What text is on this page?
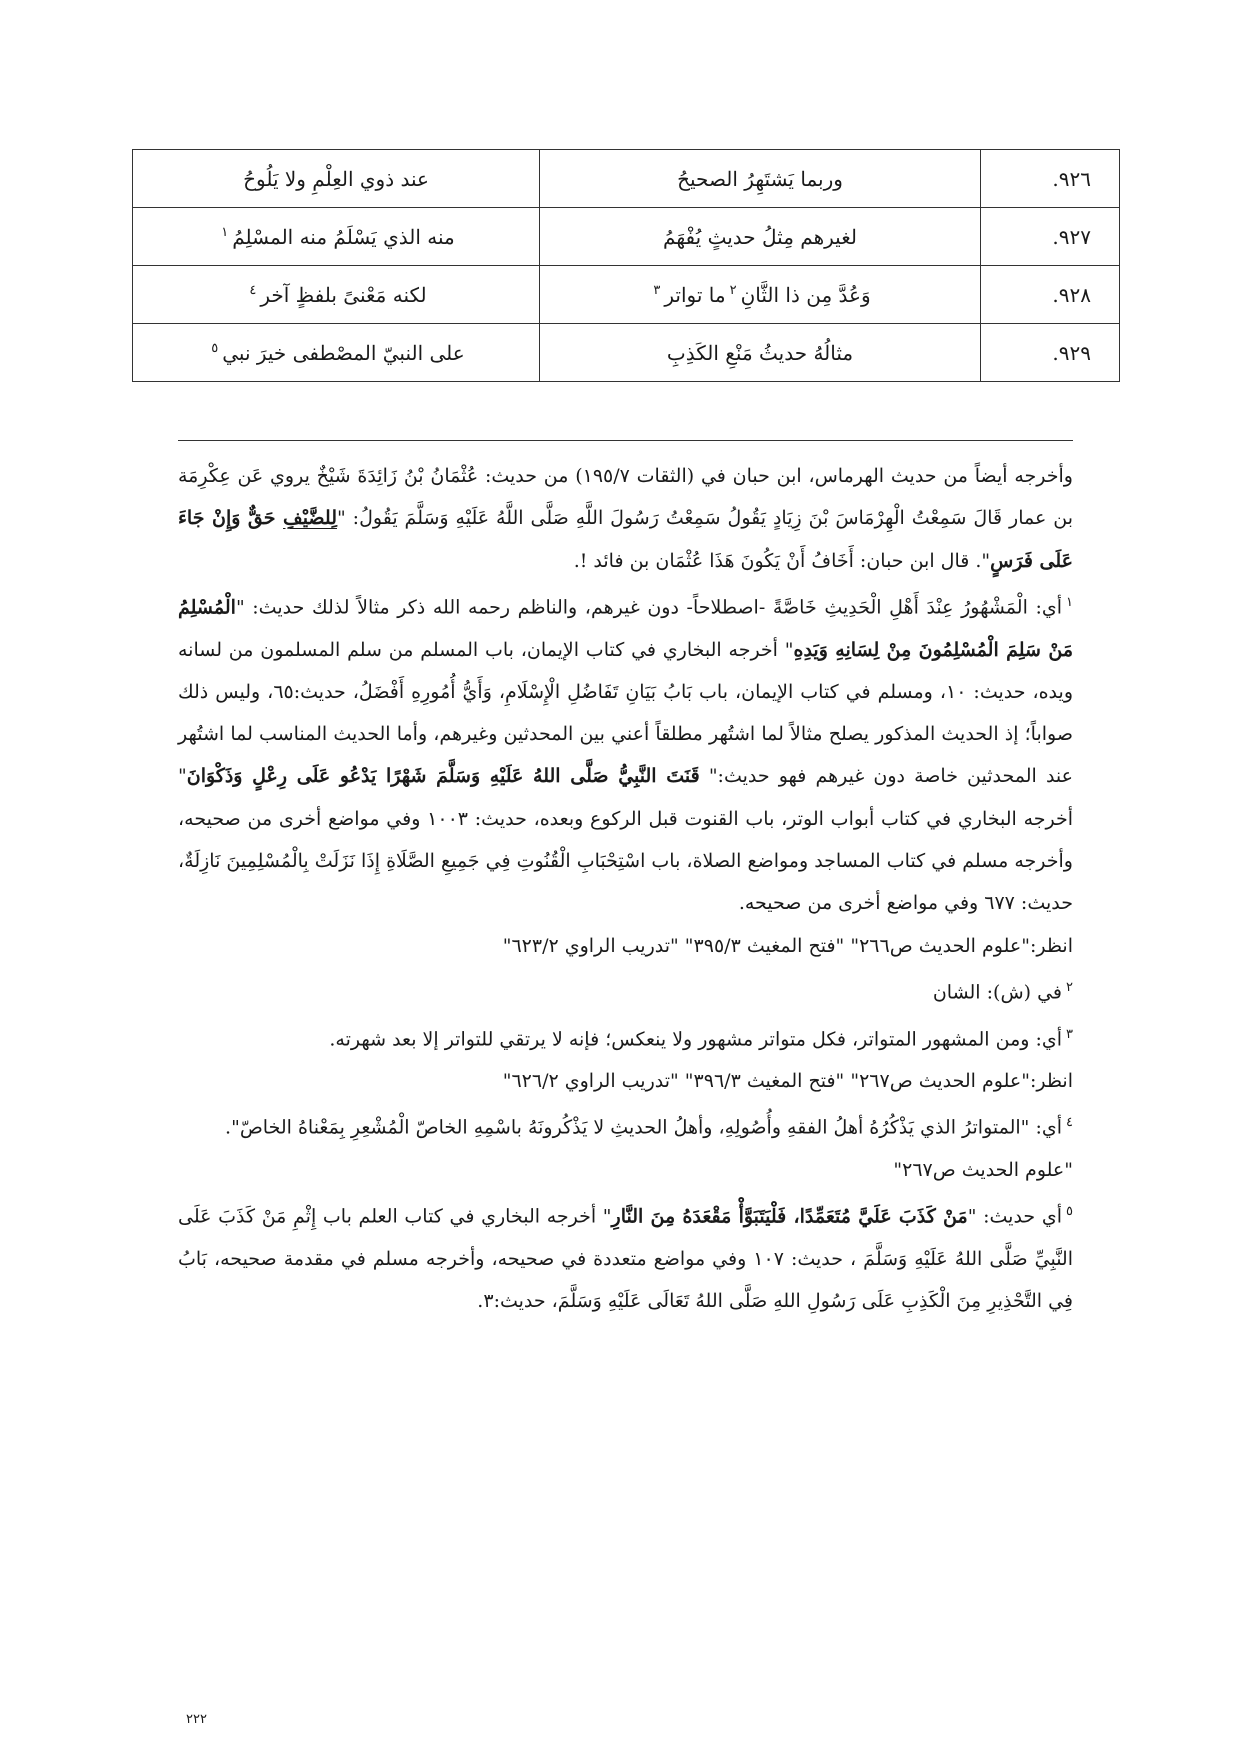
٩٢٦.	وربما يَشتَهِرُ الصحيحُ	عند ذوي العِلْمِ ولا يَلُوحُ
٩٢٧.	لغيرهم مِثلُ حديثٍ يُفْهَمُ	منه الذي يَسْلَمُ منه المسْلِمُ$^١$
٩٢٨.	وَعُدَّ مِن ذا الثَّانِ$^٢$ما تواتر$^٣$	لكنه مَعْنىً بلفظٍ آخر$^٤$
٩٢٩.	مثالُهُ حديثُ مَنْعِ الكَذِبِ	على النبيّ المصْطفى خيرَ نبي$^٥$

وأخرجه أيضاً من حديث الهرماس، ابن حبان في (الثقات ١٩٥/٧) من حديث: عُثْمَانُ بْنُ زَائِدَةَ شَيْخٌ يروي عَن عِكْرِمَة بن عمار قَالَ سَمِعْتُ الْهِرْمَاسَ بْنَ زِيَادٍ يَقُولُ سَمِعْتُ رَسُولَ اللَّهِ صَلَّى اللَّهُ عَلَيْهِ وَسَلَّمَ يَقُولُ: "لِلضَّيْفِ حَقٌّ وَإِنْ جَاءَ عَلَى فَرَسٍ". قال ابن حبان: أَخَافُ أَنْ يَكُونَ هَذَا عُثْمَان بن فائد !.

$^١$أي: الْمَشْهُورُ عِنْدَ أَهْلِ الْحَدِيثِ خَاصَّةً -اصطلاحاً- دون غيرهم، والناظم رحمه الله ذكر مثالاً لذلك حديث: "الْمُسْلِمُ مَنْ سَلِمَ الْمُسْلِمُونَ مِنْ لِسَانِهِ وَيَدِهِ" أخرجه البخاري في كتاب الإيمان، باب المسلم من سلم المسلمون من لسانه ويده، حديث: ١٠، ومسلم في كتاب الإيمان، باب بَابُ بَيَانِ تَفَاضُلِ الْإِسْلَامِ، وَأَيُّ أُمُورِهِ أَفْضَلُ، حديث:٦٥، وليس ذلك صواباً؛ إذ الحديث المذكور يصلح مثالاً لما اشتُهر مطلقاً أعني بين المحدثين وغيرهم، وأما الحديث المناسب لما اشتُهر عند المحدثين خاصة دون غيرهم فهو حديث:" قَنَتَ النَّبِيُّ صَلَّى اللهُ عَلَيْهِ وَسَلَّمَ شَهْرًا يَدْعُو عَلَى رِعْلٍ وَذَكْوَانَ" أخرجه البخاري في كتاب أبواب الوتر، باب القنوت قبل الركوع وبعده، حديث: ١٠٠٣ وفي مواضع أخرى من صحيحه، وأخرجه مسلم في كتاب المساجد ومواضع الصلاة، باب اسْتِحْبَابِ الْقُنُوتِ فِي جَمِيعِ الصَّلَاةِ إِذَا نَزَلَتْ بِالْمُسْلِمِينَ نَازِلَةٌ، حديث: ٦٧٧ وفي مواضع أخرى من صحيحه.

انظر:"علوم الحديث ص٢٦٦" "فتح المغيث ٣٩٥/٣" "تدريب الراوي ٦٢٣/٢"

$^٢$في (ش): الشان

$^٣$أي: ومن المشهور المتواتر، فكل متواتر مشهور ولا ينعكس؛ فإنه لا يرتقي للتواتر إلا بعد شهرته.

انظر:"علوم الحديث ص٢٦٧" "فتح المغيث ٣٩٦/٣" "تدريب الراوي ٦٢٦/٢"

$^٤$أي: "المتواترُ الذي يَذْكُرُهُ أهلُ الفقهِ وأُصُولِهِ، وأهلُ الحديثِ لا يَذْكُرونَهُ باسْمِهِ الخاصّ الْمُشْعِرِ بِمَعْناهُ الخاصّ".

"علوم الحديث ص٢٦٧"

$^٥$أي حديث: "مَنْ كَذَبَ عَلَيَّ مُتَعَمِّدًا، فَلْيَتَبَوَّأْ مَقْعَدَهُ مِنَ النَّارِ" أخرجه البخاري في كتاب العلم باب إِثْمِ مَنْ كَذَبَ عَلَى النَّبِيِّ صَلَّى اللهُ عَلَيْهِ وَسَلَّمَ ، حديث: ١٠٧ وفي مواضع متعددة في صحيحه، وأخرجه مسلم في مقدمة صحيحه، بَابُ فِي التَّحْذِيرِ مِنَ الْكَذِبِ عَلَى رَسُولِ اللهِ صَلَّى اللهُ تَعَالَى عَلَيْهِ وَسَلَّمَ، حديث:٣.

٢٢٢
